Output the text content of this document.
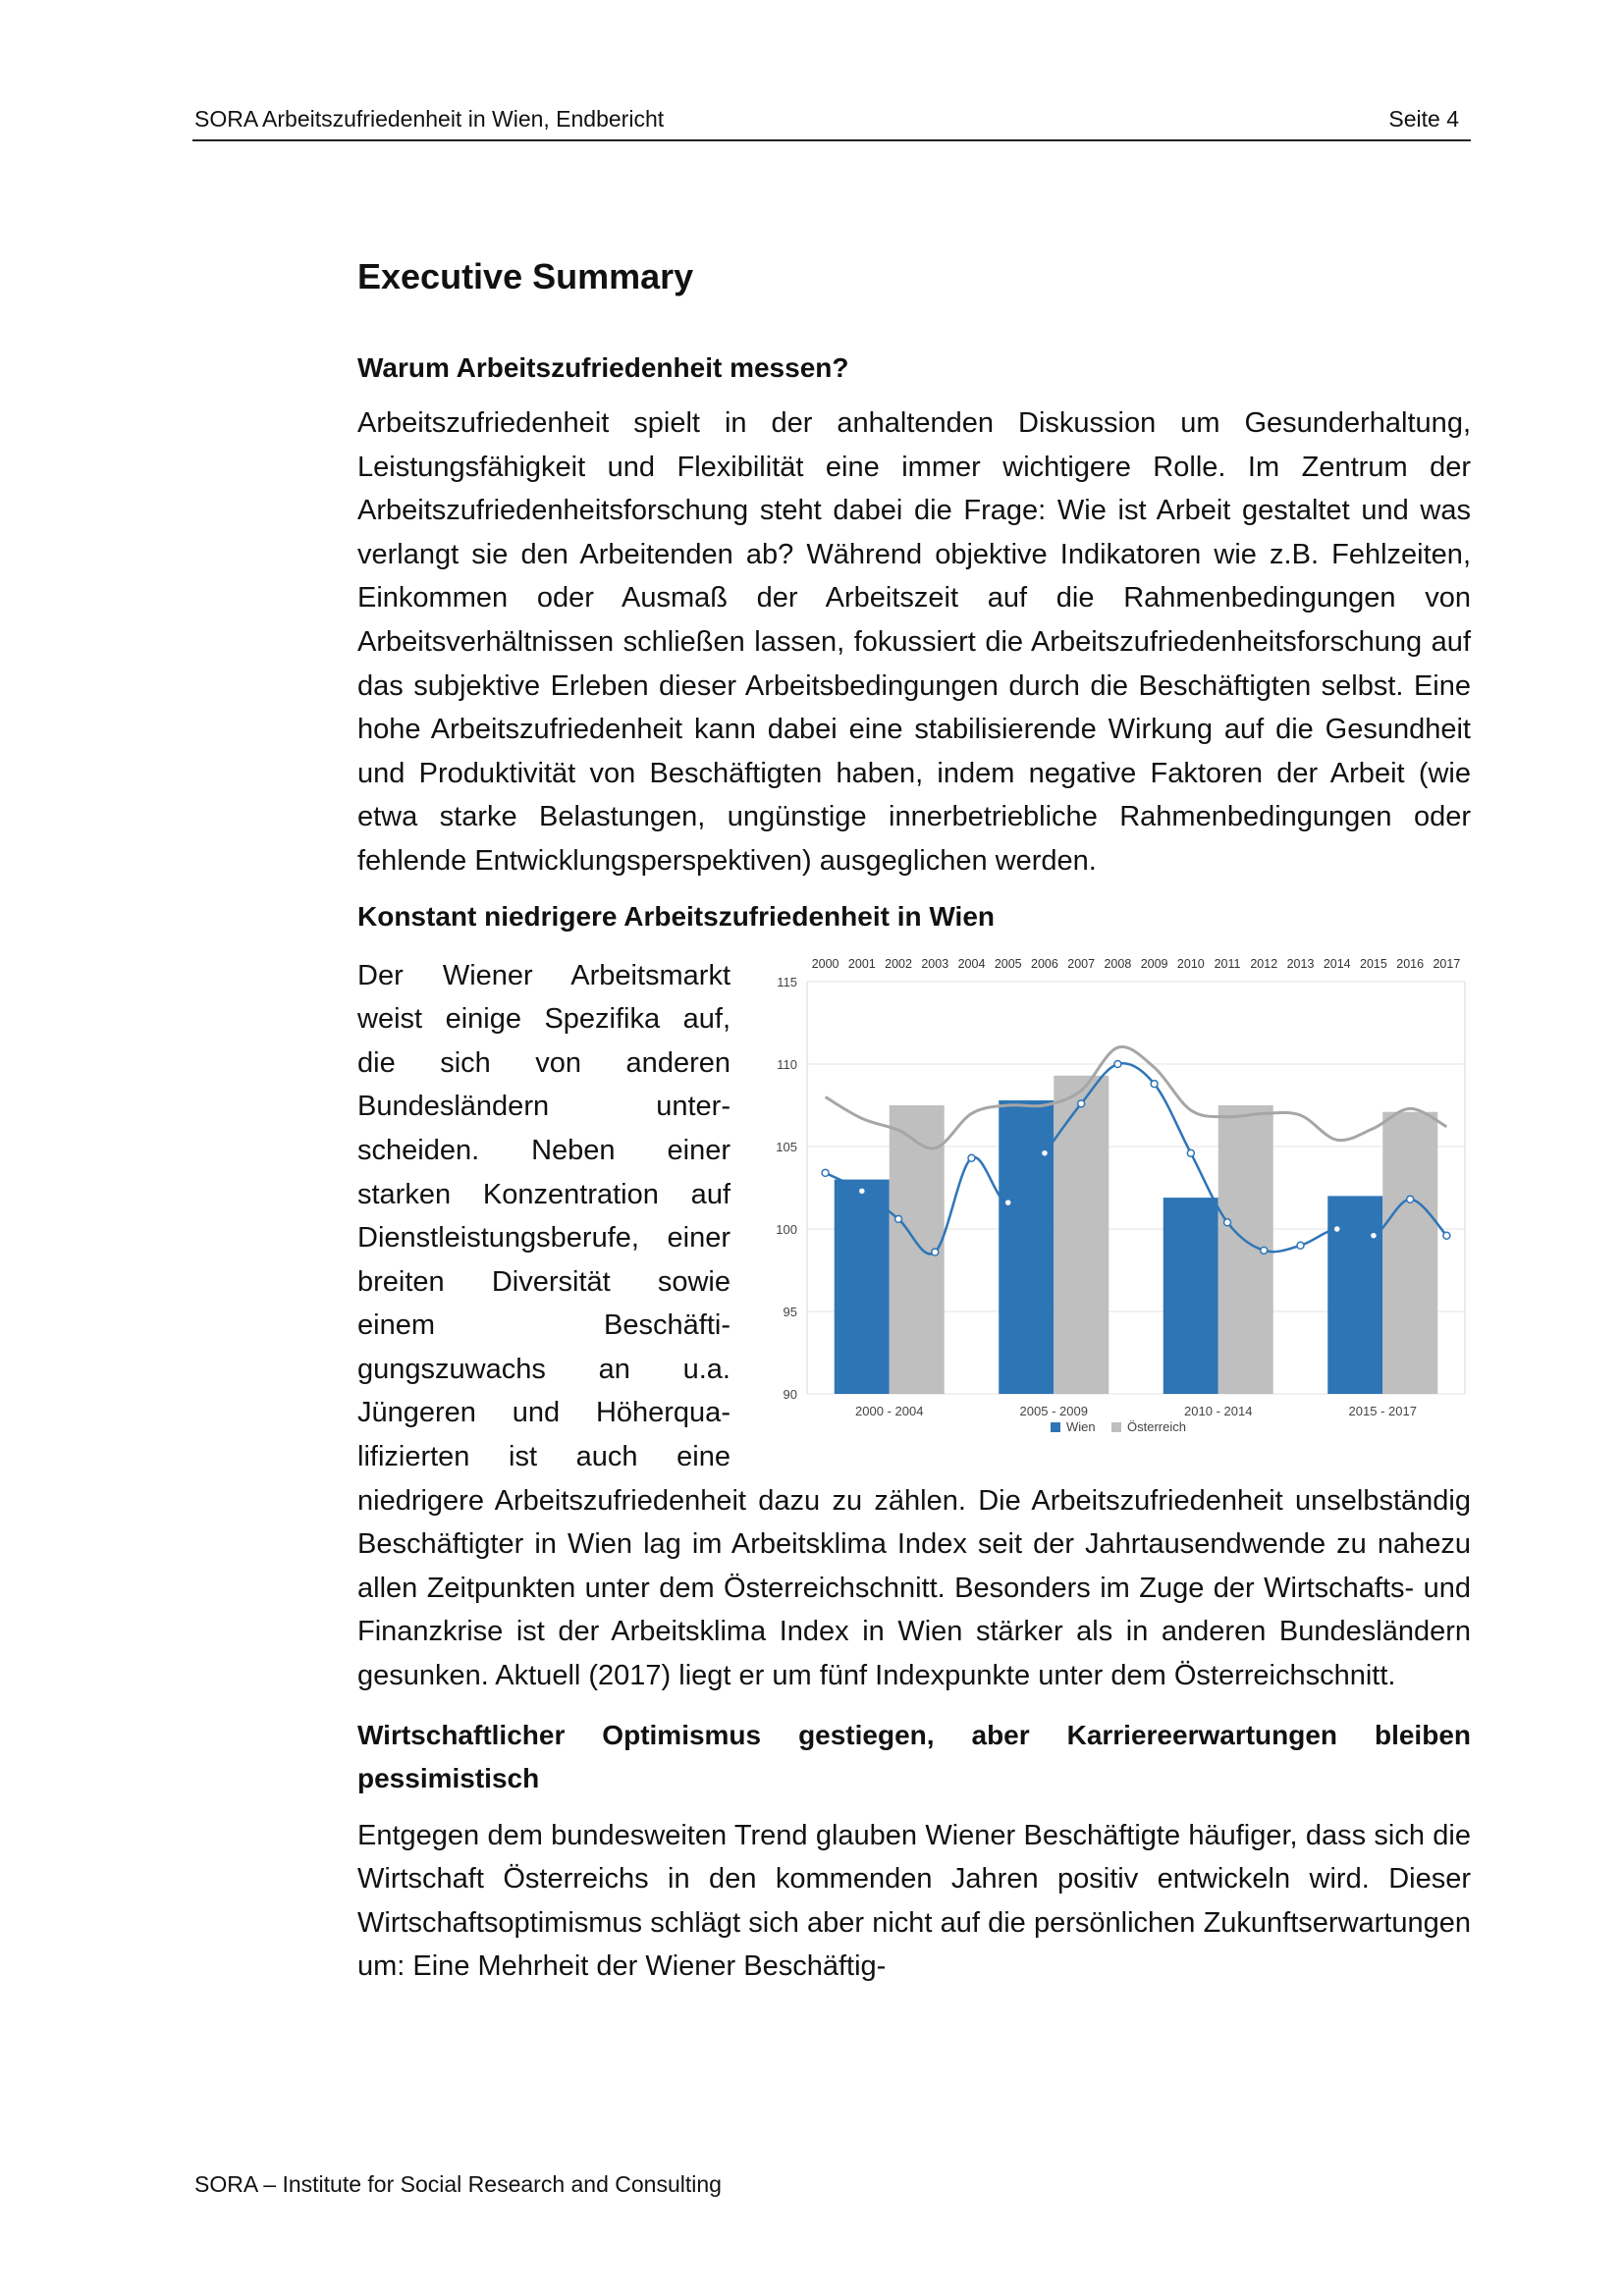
SORA Arbeitszufriedenheit in Wien, Endbericht	Seite 4
Executive Summary
Warum Arbeitszufriedenheit messen?

Arbeitszufriedenheit spielt in der anhaltenden Diskussion um Gesunderhaltung, Leistungsfähigkeit und Flexibilität eine immer wichtigere Rolle. Im Zentrum der Arbeitszufriedenheitsforschung steht dabei die Frage: Wie ist Arbeit gestaltet und was verlangt sie den Arbeitenden ab? Während objektive Indikatoren wie z.B. Fehlzeiten, Einkommen oder Ausmaß der Arbeitszeit auf die Rahmenbedingungen von Arbeitsverhältnissen schließen lassen, fokussiert die Arbeitszufriedenheitsforschung auf das subjektive Erleben dieser Arbeitsbedingungen durch die Beschäftigten selbst. Eine hohe Arbeitszufriedenheit kann dabei eine stabilisierende Wirkung auf die Gesundheit und Produktivität von Beschäftigten haben, indem negative Faktoren der Arbeit (wie etwa starke Belastungen, ungünstige innerbetriebliche Rahmenbedingungen oder fehlende Entwicklungsperspektiven) ausgeglichen werden.

Konstant niedrigere Arbeitszufriedenheit in Wien
90
95
100
105
110
115
2000 - 2004	2005 - 2009	2010 - 2014	2015 - 2017
2000 2001 2002 2003 2004 2005 2006 2007 2008 2009 2010 2011 2012 2013 2014 2015 2016 2017
Wien Österreich

Der Wiener Arbeitsmarkt weist einige Spezifika auf, die sich von anderen Bundesländern unterscheiden. Neben einer starken Konzentration auf Dienstleistungsberufe, einer breiten Diversität sowie einem Beschäftigungszuwachs an u.a. Jüngeren und Höherqualifizierten ist auch eine niedrigere Arbeitszufriedenheit dazu zu zählen. Die Arbeitszufriedenheit unselbständig Beschäftigter in Wien lag im Arbeitsklima Index seit der Jahrtausendwende zu nahezu allen Zeitpunkten unter dem Österreichschnitt. Besonders im Zuge der Wirtschafts- und Finanzkrise ist der Arbeitsklima Index in Wien stärker als in anderen Bundesländern gesunken. Aktuell (2017) liegt er um fünf Indexpunkte unter dem Österreichschnitt.

Wirtschaftlicher Optimismus gestiegen, aber Karriereerwartungen bleiben pessimistisch

Entgegen dem bundesweiten Trend glauben Wiener Beschäftigte häufiger, dass sich die Wirtschaft Österreichs in den kommenden Jahren positiv entwickeln wird. Dieser Wirtschaftsoptimismus schlägt sich aber nicht auf die persönlichen Zukunftserwartungen um: Eine Mehrheit der Wiener Beschäftig-

SORA – Institute for Social Research and Consulting
